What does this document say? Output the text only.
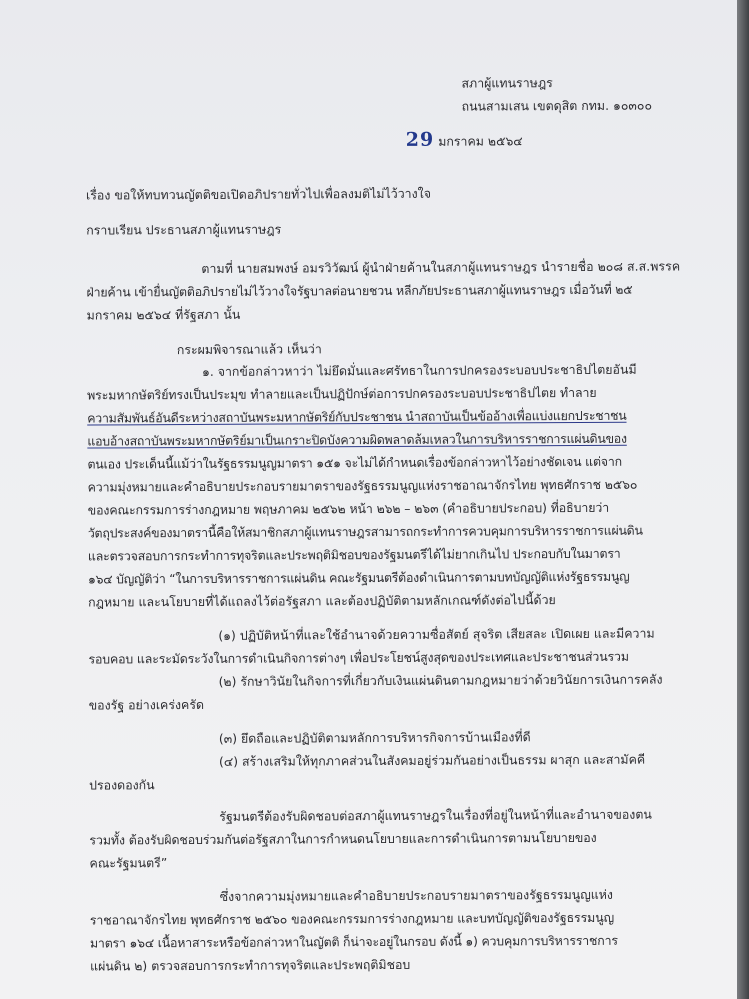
สภาผู้แทนราษฎร
ถนนสามเสน เขตดุสิต กทม. ๑๐๓๐๐
29 มกราคม ๒๕๖๔
เรื่อง ขอให้ทบทวนญัตติขอเปิดอภิปรายทั่วไปเพื่อลงมติไม่ไว้วางใจ
กราบเรียน ประธานสภาผู้แทนราษฎร
ตามที่ นายสมพงษ์ อมรวิวัฒน์ ผู้นำฝ่ายค้านในสภาผู้แทนราษฎร นำรายชื่อ ๒๐๘ ส.ส.พรรค
ฝ่ายค้าน เข้ายื่นญัตติอภิปรายไม่ไว้วางใจรัฐบาลต่อนายชวน หลีกภัยประธานสภาผู้แทนราษฎร เมื่อวันที่ ๒๕
มกราคม ๒๕๖๔ ที่รัฐสภา นั้น
กระผมพิจารณาแล้ว เห็นว่า
๑. จากข้อกล่าวหาว่า ไม่ยึดมั่นและศรัทธาในการปกครองระบอบประชาธิปไตยอันมี
พระมหากษัตริย์ทรงเป็นประมุข ทำลายและเป็นปฏิปักษ์ต่อการปกครองระบอบประชาธิปไตย ทำลาย
ความสัมพันธ์อันดีระหว่างสถาบันพระมหากษัตริย์กับประชาชน นำสถาบันเป็นข้ออ้างเพื่อแบ่งแยกประชาชน
แอบอ้างสถาบันพระมหากษัตริย์มาเป็นเกราะปิดบังความผิดพลาดล้มเหลวในการบริหารราชการแผ่นดินของ
ตนเอง ประเด็นนี้แม้ว่าในรัฐธรรมนูญมาตรา ๑๕๑ จะไม่ได้กำหนดเรื่องข้อกล่าวหาไว้อย่างชัดเจน แต่จาก
ความมุ่งหมายและคำอธิบายประกอบรายมาตราของรัฐธรรมนูญแห่งราชอาณาจักรไทย พุทธศักราช ๒๕๖๐
ของคณะกรรมการร่างกฎหมาย พฤษภาคม ๒๕๖๒ หน้า ๒๖๒ – ๒๖๓ (คำอธิบายประกอบ) ที่อธิบายว่า
วัตถุประสงค์ของมาตรานี้คือให้สมาชิกสภาผู้แทนราษฎรสามารถกระทำการควบคุมการบริหารราชการแผ่นดิน
และตรวจสอบการกระทำการทุจริตและประพฤติมิชอบของรัฐมนตรีได้ไม่ยากเกินไป ประกอบกับในมาตรา
๑๖๔ บัญญัติว่า “ในการบริหารราชการแผ่นดิน คณะรัฐมนตรีต้องดำเนินการตามบทบัญญัติแห่งรัฐธรรมนูญ
กฎหมาย และนโยบายที่ได้แถลงไว้ต่อรัฐสภา และต้องปฏิบัติตามหลักเกณฑ์ดังต่อไปนี้ด้วย
(๑) ปฏิบัติหน้าที่และใช้อำนาจด้วยความซื่อสัตย์ สุจริต เสียสละ เปิดเผย และมีความ
รอบคอบ และระมัดระวังในการดำเนินกิจการต่างๆ เพื่อประโยชน์สูงสุดของประเทศและประชาชนส่วนรวม
(๒) รักษาวินัยในกิจการที่เกี่ยวกับเงินแผ่นดินตามกฎหมายว่าด้วยวินัยการเงินการคลัง
ของรัฐ อย่างเคร่งครัด
(๓) ยึดถือและปฏิบัติตามหลักการบริหารกิจการบ้านเมืองที่ดี
(๔) สร้างเสริมให้ทุกภาคส่วนในสังคมอยู่ร่วมกันอย่างเป็นธรรม ผาสุก และสามัคคี
ปรองดองกัน
รัฐมนตรีต้องรับผิดชอบต่อสภาผู้แทนราษฎรในเรื่องที่อยู่ในหน้าที่และอำนาจของตน
รวมทั้ง ต้องรับผิดชอบร่วมกันต่อรัฐสภาในการกำหนดนโยบายและการดำเนินการตามนโยบายของ
คณะรัฐมนตรี”
ซึ่งจากความมุ่งหมายและคำอธิบายประกอบรายมาตราของรัฐธรรมนูญแห่ง
ราชอาณาจักรไทย พุทธศักราช ๒๕๖๐ ของคณะกรรมการร่างกฎหมาย และบทบัญญัติของรัฐธรรมนูญ
มาตรา ๑๖๔ เนื้อหาสาระหรือข้อกล่าวหาในญัตติ ก็น่าจะอยู่ในกรอบ ดังนี้ ๑) ควบคุมการบริหารราชการ
แผ่นดิน ๒) ตรวจสอบการกระทำการทุจริตและประพฤติมิชอบ
